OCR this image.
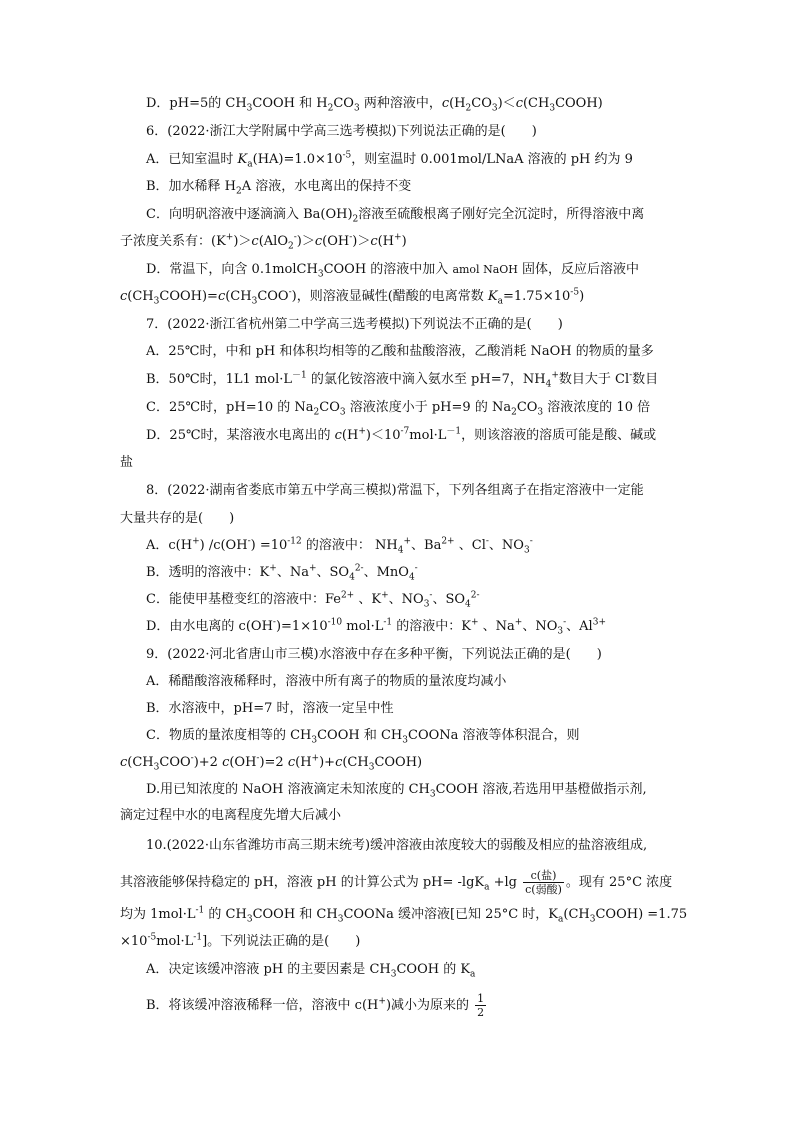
D．pH=5的 $CH_3COOH$ 和 $H_2CO_3$ 两种溶液中，$c(H_2CO_3)<c(CH_3COOH)$
6．(2022·浙江大学附属中学高三选考模拟)下列说法正确的是(　　)
A．已知室温时 $K_a(HA)=1.0\times 10^{-5}$，则室温时 0.001mol/LNaA 溶液的 pH 约为 9
B．加水稀释 $H_2A$ 溶液，水电离出的保持不变
C．向明矾溶液中逐滴滴入 $Ba(OH)_2$溶液至硫酸根离子刚好完全沉淀时，所得溶液中离
子浓度关系有：(K+)＞c(AlO$_2$-)＞c(OH-)＞c(H+)
D．常温下，向含 0.1molCH$_3$COOH 的溶液中加入 amol NaOH 固体，反应后溶液中
$c(CH_3COOH)=c(CH_3COO^-)$，则溶液显碱性(醋酸的电离常数 $K_a=1.75\times 10^{-5}$)
7．(2022·浙江省杭州第二中学高三选考模拟)下列说法不正确的是(　　)
A．25℃时，中和 pH 和体积均相等的乙酸和盐酸溶液，乙酸消耗 NaOH 的物质的量多
B．50℃时，1L1 $mol\cdot L^{-1}$ 的氯化铵溶液中滴入氨水至 pH=7，$NH_4^+$数目大于 Cl-数目
C．25℃时，pH=10 的 $Na_2CO_3$ 溶液浓度小于 pH=9 的 $Na_2CO_3$ 溶液浓度的 10 倍
D．25℃时，某溶液水电离出的 $c(H^+)<10^{-7}mol\cdot L^{-1}$，则该溶液的溶质可能是酸、碱或
盐
8．(2022·湖南省娄底市第五中学高三模拟)常温下，下列各组离子在指定溶液中一定能
大量共存的是(　　)
A．c(H+) $/c(OH^-) =10^{-12}$ 的溶液中： $NH_4^+$、$Ba^{2+}$ 、Cl-、$NO_3^-$
B．透明的溶液中：K+、Na+、$SO_4^{2-}$、MnO$_4$-
C．能使甲基橙变红的溶液中：$Fe^{2+}$ 、K+、$NO_3^-$、$SO_4^{2-}$
D．由水电离的 $c(OH^-)=1\times 10^{-10}$ $mol\cdot L^{-1}$ 的溶液中：K+ 、Na+、$NO_3^-$、$Al^{3+}$
9．(2022·河北省唐山市三模)水溶液中存在多种平衡，下列说法正确的是(　　)
A．稀醋酸溶液稀释时，溶液中所有离子的物质的量浓度均减小
B．水溶液中，pH=7 时，溶液一定呈中性
C．物质的量浓度相等的 $CH_3COOH$ 和 $CH_3COONa$ 溶液等体积混合，则
$c(CH_3COO^-)+2$ c(OH-)=2 $c(H^+)+c(CH_3COOH)$
D.用已知浓度的 NaOH 溶液滴定未知浓度的 $CH_3COOH$ 溶液,若选用甲基橙做指示剂,
滴定过程中水的电离程度先增大后减小
10.(2022·山东省潍坊市高三期末统考)缓冲溶液由浓度较大的弱酸及相应的盐溶液组成,
其溶液能够保持稳定的 pH，溶液 pH 的计算公式为 $pH= -\lg K_a +\lg \frac{\text{c(盐)}}{\text{c(弱酸)}}$ 。现有 25°C 浓度
均为 $1mol\cdot L^{-1}$ 的 $CH_3COOH$ 和 $CH_3COONa$ 缓冲溶液[已知 25°C 时，$K_a(CH_3COOH) =1.75$
$\times 10^{-5}mol\cdot L^{-1}$]。下列说法正确的是(　　)
A．决定该缓冲溶液 pH 的主要因素是 $CH_3COOH$ 的 $K_a$
B．将该缓冲溶液稀释一倍，溶液中 c(H+)减小为原来的 $\frac{1}{2}$
